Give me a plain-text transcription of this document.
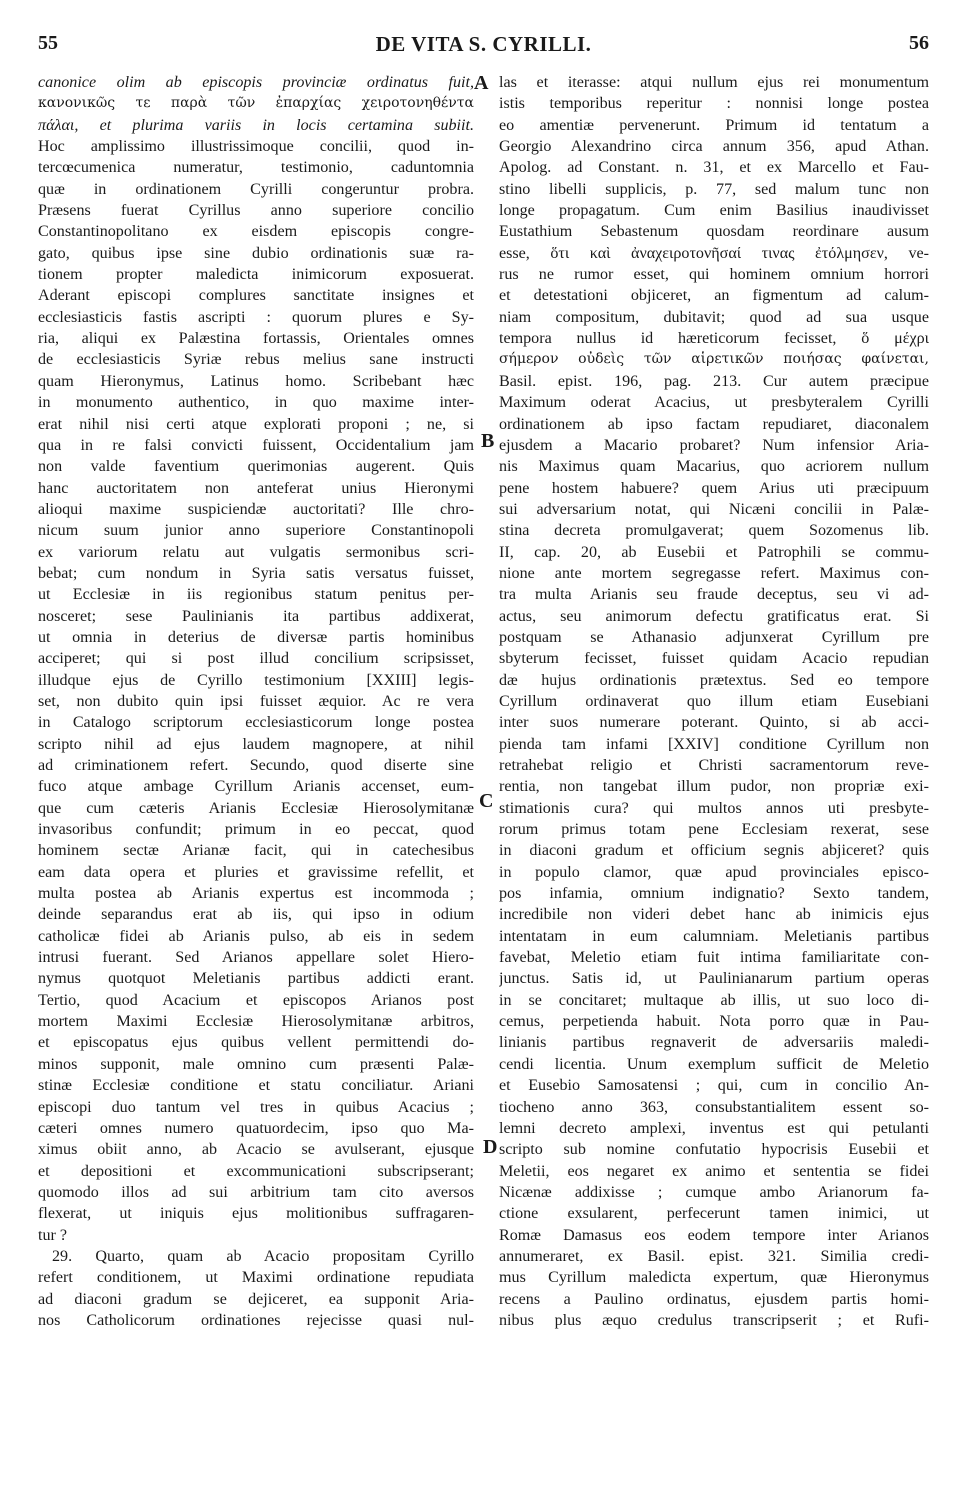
55	DE VITA S. CYRILLI.	56
canonice olim ab episcopis provinciæ ordinatus fuit,
κανονικῶς τε παρὰ τῶν ἐπαρχίας χειροτονηθέντα
πάλαι, et plurima variis in locis certamina subiit.
Hoc amplissimo illustrissimoque concilii, quod in-
tercœcumenica numeratur, testimonio, caduntomnia
quæ in ordinationem Cyrilli congeruntur probra.
Præsens fuerat Cyrillus anno superiore concilio
Constantinopolitano ex eisdem episcopis congre-
gato, quibus ipse sine dubio ordinationis suæ ra-
tionem propter maledicta inimicorum exposuerat.
Aderant episcopi complures sanctitate insignes et
ecclesiasticis fastis ascripti : quorum plures e Sy-
ria, aliqui ex Palæstina fortassis, Orientales omnes
de ecclesiasticis Syriæ rebus melius sane instructi
quam Hieronymus, Latinus homo. Scribebant hæc
in monumento authentico, in quo maxime inter-
erat nihil nisi certi atque explorati proponi ; ne, si
qua in re falsi convicti fuissent, Occidentalium jam
non valde faventium querimonias augerent. Quis
hanc auctoritatem non anteferat unius Hieronymi
alioqui maxime suspiciendæ auctoritati? Ille chro-
nicum suum junior anno superiore Constantinopoli
ex variorum relatu aut vulgatis sermonibus scri-
bebat; cum nondum in Syria satis versatus fuisset,
ut Ecclesiæ in iis regionibus statum penitus per-
nosceret; sese Paulinianis ita partibus addixerat,
ut omnia in deterius de diversæ partis hominibus
acciperet; qui si post illud concilium scripsisset,
illudque ejus de Cyrillo testimonium [XXIII] legis-
set, non dubito quin ipsi fuisset æquior. Ac re vera
in Catalogo scriptorum ecclesiasticorum longe postea
scripto nihil ad ejus laudem magnopere, at nihil
ad criminationem refert. Secundo, quod diserte sine
fuco atque ambage Cyrillum Arianis accenset, eum-
que cum cæteris Arianis Ecclesiæ Hierosolymitanæ
invasoribus confundit; primum in eo peccat, quod
hominem sectæ Arianæ facit, qui in catechesibus
eam data opera et pluries et gravissime refellit, et
multa postea ab Arianis expertus est incommoda ;
deinde separandus erat ab iis, qui ipso in odium
catholicæ fidei ab Arianis pulso, ab eis in sedem
intrusi fuerant. Sed Arianos appellare solet Hiero-
nymus quotquot Meletianis partibus addicti erant.
Tertio, quod Acacium et episcopos Arianos post
mortem Maximi Ecclesiæ Hierosolymitanæ arbitros,
et episcopatus ejus quibus vellent permittendi do-
minos supponit, male omnino cum præsenti Palæ-
stinæ Ecclesiæ conditione et statu conciliatur. Ariani
episcopi duo tantum vel tres in quibus Acacius ;
cæteri omnes numero quatuordecim, ipso quo Ma-
ximus obiit anno, ab Acacio se avulserant, ejusque
et depositioni et excommunicationi subscripserant;
quomodo illos ad sui arbitrium tam cito aversos
flexerat, ut iniquis ejus molitionibus suffragaren-
tur ?
29. Quarto, quam ab Acacio propositam Cyrillo
refert conditionem, ut Maximi ordinatione repudiata
ad diaconi gradum se dejiceret, ea supponit Aria-
nos Catholicorum ordinationes rejecisse quasi nul-
las et iterasse: atqui nullum ejus rei monumentum
istis temporibus reperitur : nonnisi longe postea
eo amentiæ pervenerunt. Primum id tentatum a
Georgio Alexandrino circa annum 356, apud Athan.
Apolog. ad Constant. n. 31, et ex Marcello et Fau-
stino libelli supplicis, p. 77, sed malum tunc non
longe propagatum. Cum enim Basilius inaudivisset
Eustathium Sebastenum quosdam reordinare ausum
esse, ὅτι καὶ ἀναχειροτονῆσαί τινας ἐτόλμησεν, ve-
rus ne rumor esset, qui hominem omnium horrori
et detestationi objiceret, an figmentum ad calum-
niam compositum, dubitavit; quod ad sua usque
tempora nullus id hæreticorum fecisset, ὅ μέχρι
σήμερον οὐδεὶς τῶν αἱρετικῶν ποιήσας φαίνεται,
Basil. epist. 196, pag. 213. Cur autem præcipue
Maximum oderat Acacius, ut presbyteralem Cyrilli
ordinationem ab ipso factam repudiaret, diaconalem
ejusdem a Macario probaret? Num infensior Aria-
nis Maximus quam Macarius, quo acriorem nullum
pene hostem habuere? quem Arius uti præcipuum
sui adversarium notat, qui Nicæni concilii in Palæ-
stina decreta promulgaverat; quem Sozomenus lib.
II, cap. 20, ab Eusebii et Patrophili se commu-
nione ante mortem segregasse refert. Maximus con-
tra multa Arianis seu fraude deceptus, seu vi ad-
actus, seu animorum defectu gratificatus erat. Si
postquam se Athanasio adjunxerat Cyrillum pre
sbyterum fecisset, fuisset quidam Acacio repudian
dæ hujus ordinationis prætextus. Sed eo tempore
Cyrillum ordinaverat quo illum etiam Eusebiani
inter suos numerare poterant. Quinto, si ab acci-
pienda tam infami [XXIV] conditione Cyrillum non
retrahebat religio et Christi sacramentorum reve-
rentia, non tangebat illum pudor, non propriæ exi-
stimationis cura? qui multos annos uti presbyte-
rorum primus totam pene Ecclesiam rexerat, sese
in diaconi gradum et officium segnis abjiceret? quis
in populo clamor, quæ apud provinciales episco-
pos infamia, omnium indignatio? Sexto tandem,
incredibile non videri debet hanc ab inimicis ejus
intentatam in eum calumniam. Meletianis partibus
favebat, Meletio etiam fuit intima familiaritate con-
junctus. Satis id, ut Paulinianarum partium operas
in se concitaret; multaque ab illis, ut suo loco di-
cemus, perpetienda habuit. Nota porro quæ in Pau-
linianis partibus regnaverit de adversariis maledi-
cendi licentia. Unum exemplum sufficit de Meletio
et Eusebio Samosatensi ; qui, cum in concilio An-
tiocheno anno 363, consubstantialitem essent so-
lemni decreto amplexi, inventus est qui petulanti
scripto sub nomine confutatio hypocrisis Eusebii et
Meletii, eos negaret ex animo et sententia se fidei
Nicænæ addixisse ; cumque ambo Arianorum fa-
ctione exsularent, perfecerunt tamen inimici, ut
Romæ Damasus eos eodem tempore inter Arianos
annumeraret, ex Basil. epist. 321. Similia credi-
mus Cyrillum maledicta expertum, quæ Hieronymus
recens a Paulino ordinatus, ejusdem partis homi-
nibus plus æquo credulus transcripserit ; et Rufi-
A
B
C
D
